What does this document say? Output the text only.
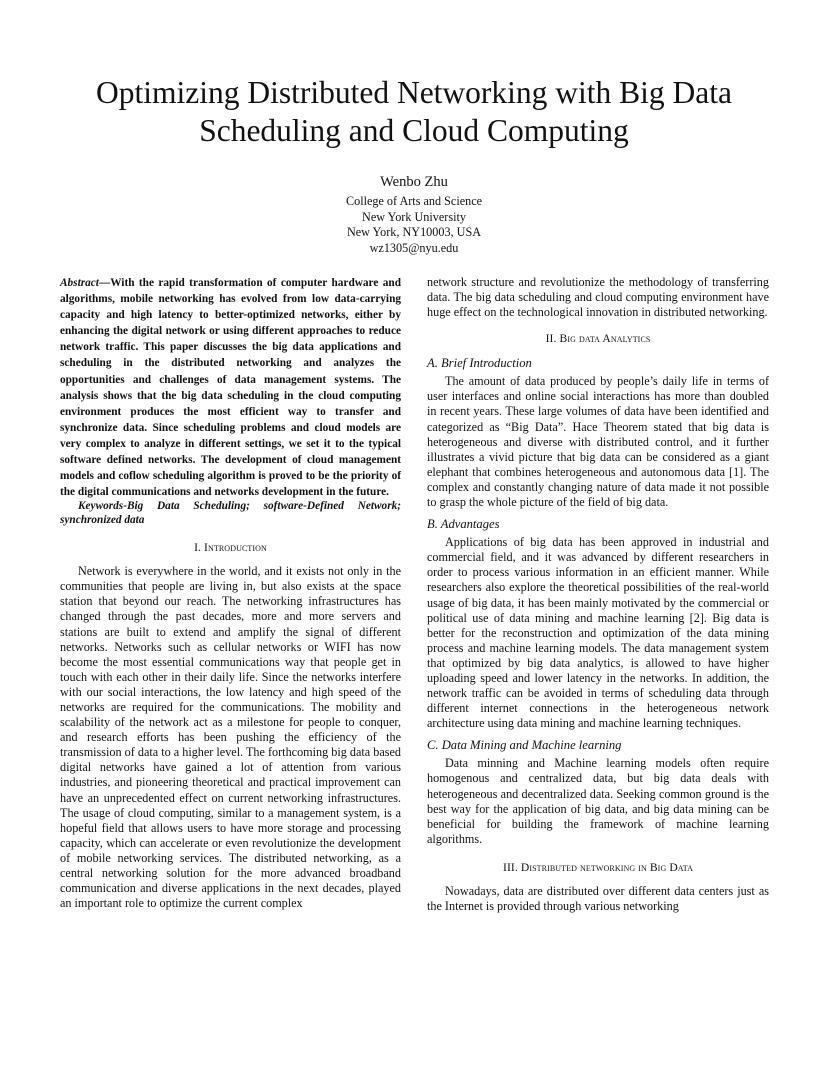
Optimizing Distributed Networking with Big Data
Scheduling and Cloud Computing
Wenbo Zhu
College of Arts and Science
New York University
New York, NY10003, USA
wz1305@nyu.edu

Abstract—With the rapid transformation of computer hardware and algorithms, mobile networking has evolved from low data-carrying capacity and high latency to better-optimized networks, either by enhancing the digital network or using different approaches to reduce network traffic. This paper discusses the big data applications and scheduling in the distributed networking and analyzes the opportunities and challenges of data management systems. The analysis shows that the big data scheduling in the cloud computing environment produces the most efficient way to transfer and synchronize data. Since scheduling problems and cloud models are very complex to analyze in different settings, we set it to the typical software defined networks. The development of cloud management models and coflow scheduling algorithm is proved to be the priority of the digital communications and networks development in the future.

Keywords-Big Data Scheduling; software-Defined Network; synchronized data

I. Introduction

Network is everywhere in the world, and it exists not only in the communities that people are living in, but also exists at the space station that beyond our reach. The networking infrastructures has changed through the past decades, more and more servers and stations are built to extend and amplify the signal of different networks. Networks such as cellular networks or WIFI has now become the most essential communications way that people get in touch with each other in their daily life. Since the networks interfere with our social interactions, the low latency and high speed of the networks are required for the communications. The mobility and scalability of the network act as a milestone for people to conquer, and research efforts has been pushing the efficiency of the transmission of data to a higher level. The forthcoming big data based digital networks have gained a lot of attention from various industries, and pioneering theoretical and practical improvement can have an unprecedented effect on current networking infrastructures. The usage of cloud computing, similar to a management system, is a hopeful field that allows users to have more storage and processing capacity, which can accelerate or even revolutionize the development of mobile networking services. The distributed networking, as a central networking solution for the more advanced broadband communication and diverse applications in the next decades, played an important role to optimize the current complex

network structure and revolutionize the methodology of transferring data. The big data scheduling and cloud computing environment have huge effect on the technological innovation in distributed networking.

II. Big data Analytics
A. Brief Introduction

The amount of data produced by people’s daily life in terms of user interfaces and online social interactions has more than doubled in recent years. These large volumes of data have been identified and categorized as “Big Data”. Hace Theorem stated that big data is heterogeneous and diverse with distributed control, and it further illustrates a vivid picture that big data can be considered as a giant elephant that combines heterogeneous and autonomous data [1]. The complex and constantly changing nature of data made it not possible to grasp the whole picture of the field of big data.

B. Advantages

Applications of big data has been approved in industrial and commercial field, and it was advanced by different researchers in order to process various information in an efficient manner. While researchers also explore the theoretical possibilities of the real-world usage of big data, it has been mainly motivated by the commercial or political use of data mining and machine learning [2]. Big data is better for the reconstruction and optimization of the data mining process and machine learning models. The data management system that optimized by big data analytics, is allowed to have higher uploading speed and lower latency in the networks. In addition, the network traffic can be avoided in terms of scheduling data through different internet connections in the heterogeneous network architecture using data mining and machine learning techniques.

C. Data Mining and Machine learning

Data minning and Machine learning models often require homogenous and centralized data, but big data deals with heterogeneous and decentralized data. Seeking common ground is the best way for the application of big data, and big data mining can be beneficial for building the framework of machine learning algorithms.

III. Distributed networking in Big Data

Nowadays, data are distributed over different data centers just as the Internet is provided through various networking
